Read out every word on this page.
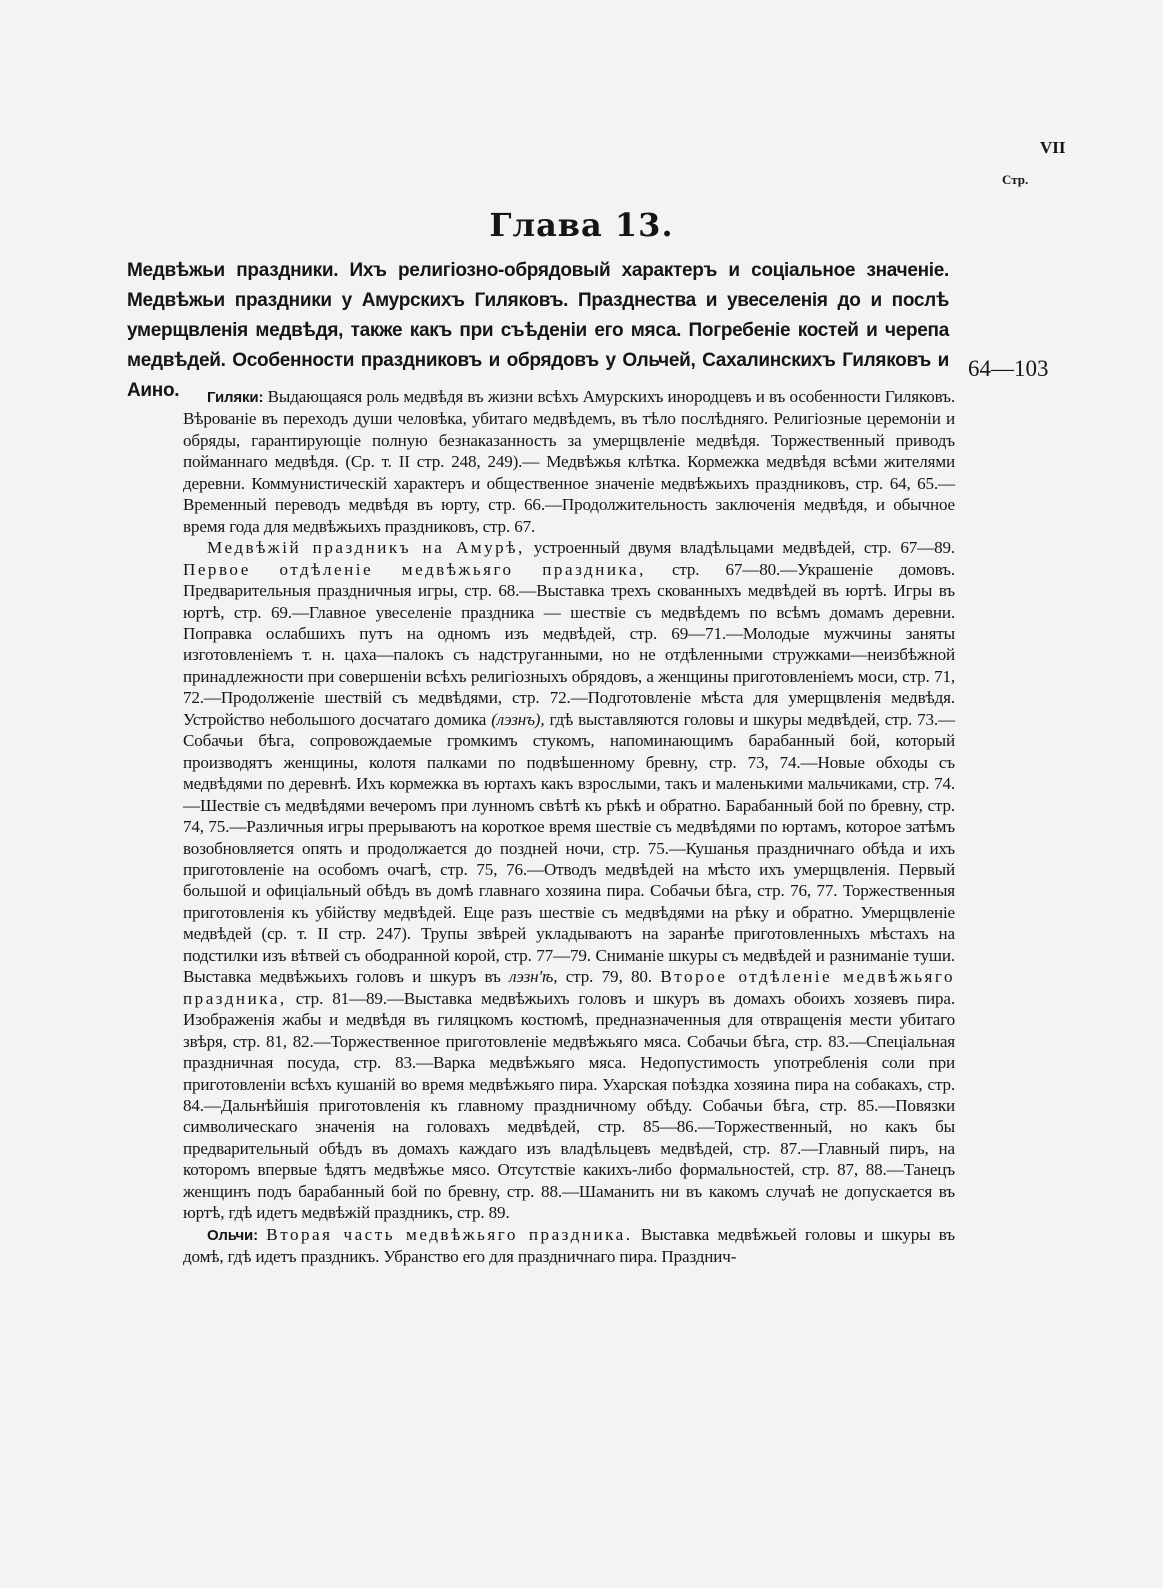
VII
Стр.
Глава 13.
Медвѣжьи праздники. Ихъ религіозно-обрядовый характеръ и соціальное значеніе. Медвѣжьи праздники у Амурскихъ Гиляковъ. Празднества и увеселенія до и послѣ умерщвленія медвѣдя, также какъ при съѣденіи его мяса. Погребеніе костей и черепа медвѣдей. Особенности праздниковъ и обрядовъ у Ольчей, Сахалинскихъ Гиляковъ и Аино.
64—103

Гиляки: Выдающаяся роль медвѣдя въ жизни всѣхъ Амурскихъ инородцевъ и въ особенности Гиляковъ. Вѣрованіе въ переходъ души человѣка, убитаго медвѣдемъ, въ тѣло послѣдняго. Религіозные церемоніи и обряды, гарантирующіе полную безнаказанность за умерщвленіе медвѣдя. Торжественный приводъ пойманнаго медвѣдя. (Ср. т. II стр. 248, 249).— Медвѣжья клѣтка. Кормежка медвѣдя всѣми жителями деревни. Коммунистическій характеръ и общественное значеніе медвѣжьихъ праздниковъ, стр. 64, 65.—Временный переводъ медвѣдя въ юрту, стр. 66.—Продолжительность заключенія медвѣдя, и обычное время года для медвѣжьихъ праздниковъ, стр. 67.

Медвѣжій праздникъ на Амурѣ, устроенный двумя владѣльцами медвѣдей, стр. 67—89. Первое отдѣленіе медвѣжьяго праздника, стр. 67—80.—Украшеніе домовъ. Предварительныя праздничныя игры, стр. 68.—Выставка трехъ скованныхъ медвѣдей въ юртѣ. Игры въ юртѣ, стр. 69.—Главное увеселеніе праздника — шествіе съ медвѣдемъ по всѣмъ домамъ деревни. Поправка ослабшихъ путъ на одномъ изъ медвѣдей, стр. 69—71.—Молодые мужчины заняты изготовленіемъ т. н. цаха—палокъ съ надструганными, но не отдѣленными стружками—неизбѣжной принадлежности при совершеніи всѣхъ религіозныхъ обрядовъ, а женщины приготовленіемъ моси, стр. 71, 72.—Продолженіе шествій съ медвѣдями, стр. 72.—Подготовленіе мѣста для умерщвленія медвѣдя. Устройство небольшого досчатаго домика (лэзнъ), гдѣ выставляются головы и шкуры медвѣдей, стр. 73.—Собачьи бѣга, сопровождаемые громкимъ стукомъ, напоминающимъ барабанный бой, который производятъ женщины, колотя палками по подвѣшенному бревну, стр. 73, 74.—Новые обходы съ медвѣдями по деревнѣ. Ихъ кормежка въ юртахъ какъ взрослыми, такъ и маленькими мальчиками, стр. 74.—Шествіе съ медвѣдями вечеромъ при лунномъ свѣтѣ къ рѣкѣ и обратно. Барабанный бой по бревну, стр. 74, 75.—Различныя игры прерываютъ на короткое время шествіе съ медвѣдями по юртамъ, которое затѣмъ возобновляется опять и продолжается до поздней ночи, стр. 75.—Кушанья праздничнаго обѣда и ихъ приготовленіе на особомъ очагѣ, стр. 75, 76.—Отводъ медвѣдей на мѣсто ихъ умерщвленія. Первый большой и офиціальный обѣдъ въ домѣ главнаго хозяина пира. Собачьи бѣга, стр. 76, 77. Торжественныя приготовленія къ убійству медвѣдей. Еще разъ шествіе съ медвѣдями на рѣку и обратно. Умерщвленіе медвѣдей (ср. т. II стр. 247). Трупы звѣрей укладываютъ на заранѣе приготовленныхъ мѣстахъ на подстилки изъ вѣтвей съ ободранной корой, стр. 77—79. Сниманіе шкуры съ медвѣдей и разниманіе туши. Выставка медвѣжьихъ головъ и шкуръ въ лэзн'ѣ, стр. 79, 80. Второе отдѣленіе медвѣжьяго праздника, стр. 81—89.—Выставка медвѣжьихъ головъ и шкуръ въ домахъ обоихъ хозяевъ пира. Изображенія жабы и медвѣдя въ гиляцкомъ костюмѣ, предназначенныя для отвращенія мести убитаго звѣря, стр. 81, 82.—Торжественное приготовленіе медвѣжьяго мяса. Собачьи бѣга, стр. 83.—Спеціальная праздничная посуда, стр. 83.—Варка медвѣжьяго мяса. Недопустимость употребленія соли при приготовленіи всѣхъ кушаній во время медвѣжьяго пира. Ухарская поѣздка хозяина пира на собакахъ, стр. 84.—Дальнѣйшія приготовленія къ главному праздничному обѣду. Собачьи бѣга, стр. 85.—Повязки символическаго значенія на головахъ медвѣдей, стр. 85—86.—Торжественный, но какъ бы предварительный обѣдъ въ домахъ каждаго изъ владѣльцевъ медвѣдей, стр. 87.—Главный пиръ, на которомъ впервые ѣдятъ медвѣжье мясо. Отсутствіе какихъ-либо формальностей, стр. 87, 88.—Танецъ женщинъ подъ барабанный бой по бревну, стр. 88.—Шаманить ни въ какомъ случаѣ не допускается въ юртѣ, гдѣ идетъ медвѣжій праздникъ, стр. 89.

Ольчи: Вторая часть медвѣжьяго праздника. Выставка медвѣжьей головы и шкуры въ домѣ, гдѣ идетъ праздникъ. Убранство его для праздничнаго пира. Празднич-
